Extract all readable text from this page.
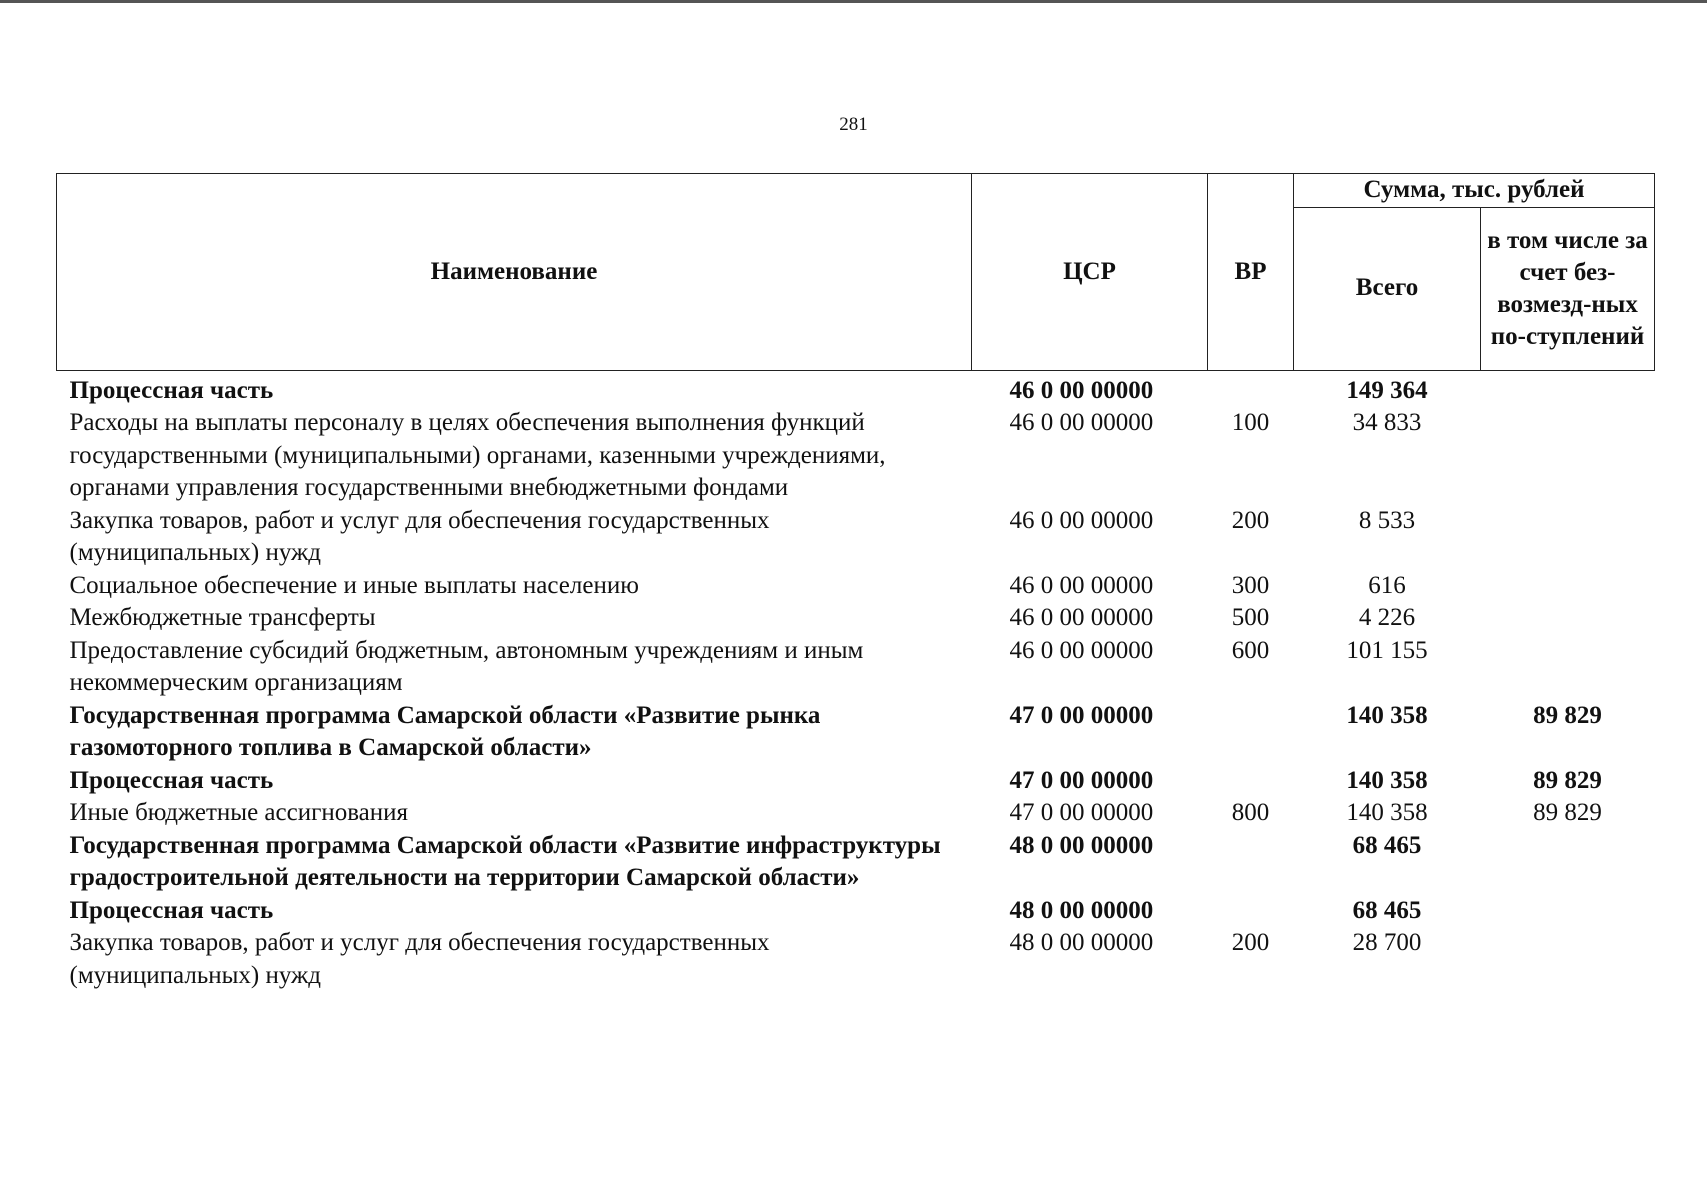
281
Наименование	ЦСР	ВР	Сумма, тыс. рублей	
			Всего	в том числе за счет без-возмезд-ных по-ступлений
Процессная часть	46 0 00 00000		149 364	
Расходы на выплаты персоналу в целях обеспечения выполнения функций государственными (муниципальными) органами, казенными учреждениями, органами управления государственными внебюджетными фондами	46 0 00 00000	100	34 833	
Закупка товаров, работ и услуг для обеспечения государственных (муниципальных) нужд	46 0 00 00000	200	8 533	
Социальное обеспечение и иные выплаты населению	46 0 00 00000	300	616	
Межбюджетные трансферты	46 0 00 00000	500	4 226	
Предоставление субсидий бюджетным, автономным учреждениям и иным некоммерческим организациям	46 0 00 00000	600	101 155	
Государственная программа Самарской области «Развитие рынка газомоторного топлива в Самарской области»	47 0 00 00000		140 358	89 829
Процессная часть	47 0 00 00000		140 358	89 829
Иные бюджетные ассигнования	47 0 00 00000	800	140 358	89 829
Государственная программа Самарской области «Развитие инфраструктуры градостроительной деятельности на территории Самарской области»	48 0 00 00000		68 465	
Процессная часть	48 0 00 00000		68 465	
Закупка товаров, работ и услуг для обеспечения государственных (муниципальных) нужд	48 0 00 00000	200	28 700	
